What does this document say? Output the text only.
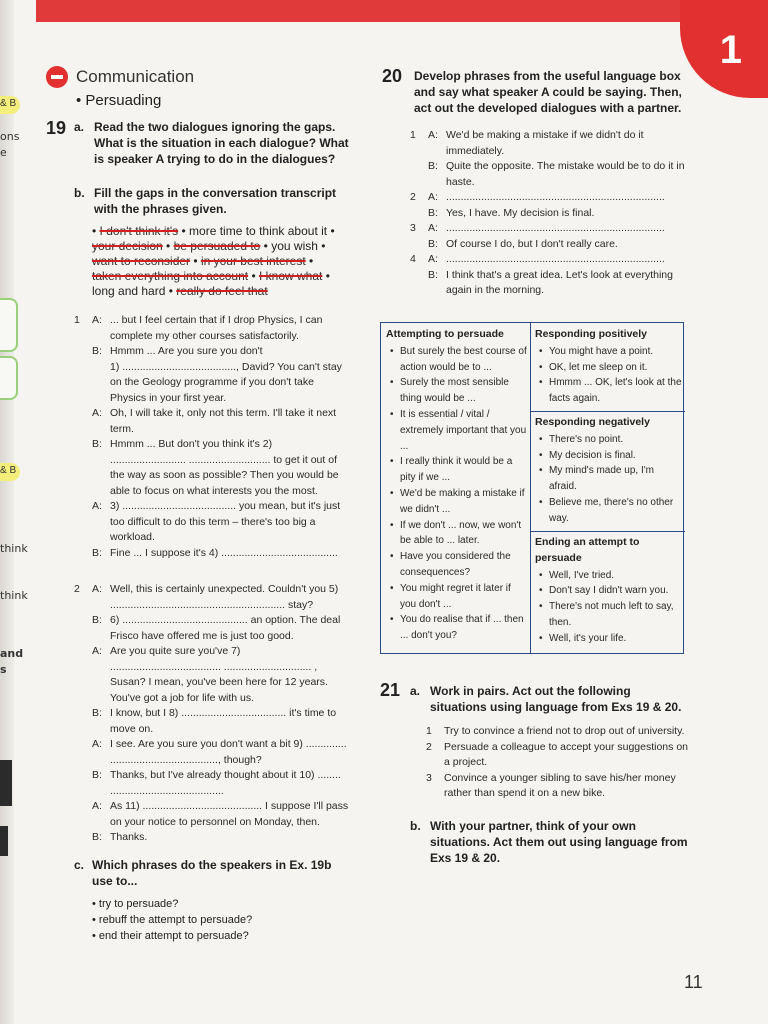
1
& B
ons
e
& B
think
think
and
s
Communication
• Persuading
19 a. Read the two dialogues ignoring the gaps. What is the situation in each dialogue? What is speaker A trying to do in the dialogues?
b. Fill the gaps in the conversation transcript with the phrases given.
• I don't think it's • more time to think about it • your decision • be persuaded to • you wish • want to reconsider • in your best interest • taken everything into account • I know what • long and hard • really do feel that
1	A: ... but I feel certain that if I drop Physics, I can complete my other courses satisfactorily.
B: Hmmm ... Are you sure you don't
1) ......................................., David? You can't stay on the Geology programme if you don't take Physics in your first year.
A: Oh, I will take it, only not this term. I'll take it next term.
B: Hmmm ... But don't you think it's 2) .......................... ............................ to get it out of the way as soon as possible? Then you would be able to focus on what interests you the most.
A: 3) ....................................... you mean, but it's just too difficult to do this term – there's too big a workload.
B: Fine ... I suppose it's 4) ........................................
2	A: Well, this is certainly unexpected. Couldn't you 5) ............................................................ stay?
B: 6) ........................................... an option. The deal Frisco have offered me is just too good.
A: Are you quite sure you've 7) ...................................... .............................. , Susan? I mean, you've been here for 12 years. You've got a job for life with us.
B: I know, but I 8) .................................... it's time to move on.
A: I see. Are you sure you don't want a bit 9) .............. ....................................., though?
B: Thanks, but I've already thought about it 10) ........ .......................................
A: As 11) ......................................... I suppose I'll pass on your notice to personnel on Monday, then.
B: Thanks.
c. Which phrases do the speakers in Ex. 19b use to...
• try to persuade?
• rebuff the attempt to persuade?
• end their attempt to persuade?
20 Develop phrases from the useful language box and say what speaker A could be saying. Then, act out the developed dialogues with a partner.
1	A: We'd be making a mistake if we didn't do it immediately.
B: Quite the opposite. The mistake would be to do it in haste.
2	A: ...........................................................................
B: Yes, I have. My decision is final.
3	A: ...........................................................................
B: Of course I do, but I don't really care.
4	A: ...........................................................................
B: I think that's a great idea. Let's look at everything again in the morning.
Attempting to persuade
• But surely the best course of action would be to ...
• Surely the most sensible thing would be ...
• It is essential / vital / extremely important that you ...
• I really think it would be a pity if we ...
• We'd be making a mistake if we didn't ...
• If we don't ... now, we won't be able to ... later.
• Have you considered the consequences?
• You might regret it later if you don't ...
• You do realise that if ... then ... don't you?
Responding positively
• You might have a point.
• OK, let me sleep on it.
• Hmmm ... OK, let's look at the facts again.
Responding negatively
• There's no point.
• My decision is final.
• My mind's made up, I'm afraid.
• Believe me, there's no other way.
Ending an attempt to persuade
• Well, I've tried.
• Don't say I didn't warn you.
• There's not much left to say, then.
• Well, it's your life.
21 a. Work in pairs. Act out the following situations using language from Exs 19 & 20.
1	Try to convince a friend not to drop out of university.
2	Persuade a colleague to accept your suggestions on a project.
3	Convince a younger sibling to save his/her money rather than spend it on a new bike.
b. With your partner, think of your own situations. Act them out using language from Exs 19 & 20.
11
